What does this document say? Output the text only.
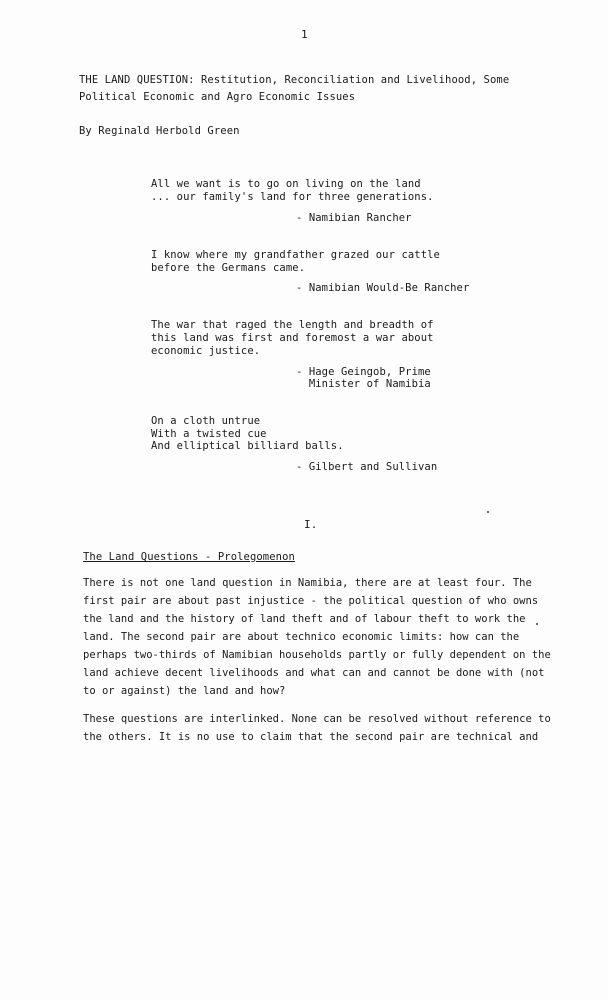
1
THE LAND QUESTION: Restitution, Reconciliation and Livelihood, Some
Political Economic and Agro Economic Issues
By Reginald Herbold Green
All we want is to go on living on the land
... our family's land for three generations.
- Namibian Rancher
I know where my grandfather grazed our cattle
before the Germans came.
- Namibian Would-Be Rancher
The war that raged the length and breadth of
this land was first and foremost a war about
economic justice.
- Hage Geingob, Prime
Minister of Namibia
On a cloth untrue
With a twisted cue
And elliptical billiard balls.
- Gilbert and Sullivan
I.
The Land Questions - Prolegomenon
There is not one land question in Namibia, there are at least four. The
first pair are about past injustice - the political question of who owns
the land and the history of land theft and of labour theft to work the
land. The second pair are about technico economic limits: how can the
perhaps two-thirds of Namibian households partly or fully dependent on the
land achieve decent livelihoods and what can and cannot be done with (not
to or against) the land and how?
These questions are interlinked. None can be resolved without reference to
the others. It is no use to claim that the second pair are technical and
